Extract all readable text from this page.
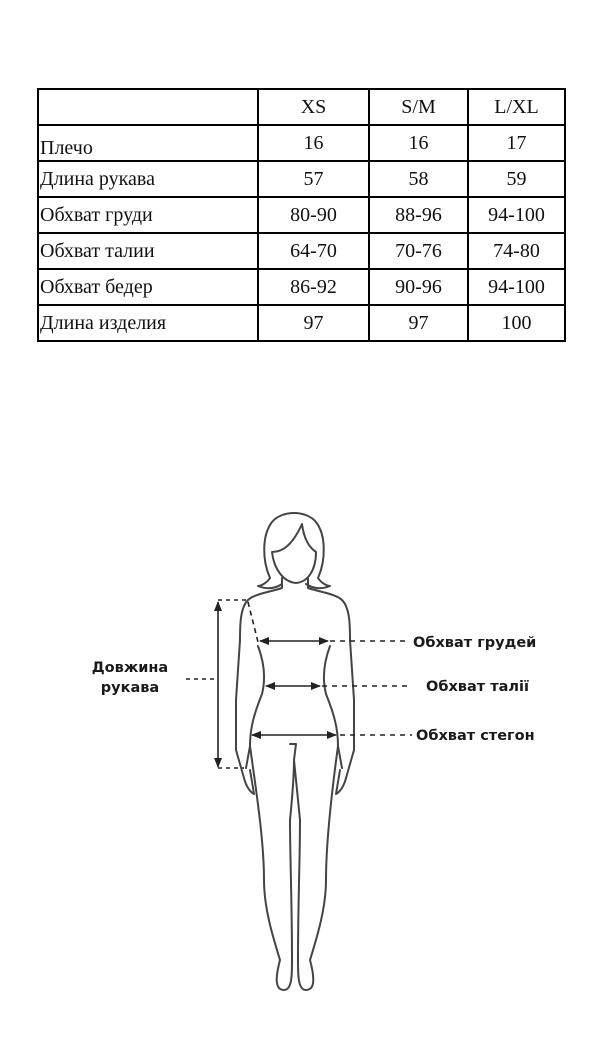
	XS	S/M	L/XL
Плечо	16	16	17
Длина рукава	57	58	59
Обхват груди	80-90	88-96	94-100
Обхват талии	64-70	70-76	74-80
Обхват бедер	86-92	90-96	94-100
Длина изделия	97	97	100
Довжина
рукава
Обхват грудей
Обхват талії
Обхват стегон
